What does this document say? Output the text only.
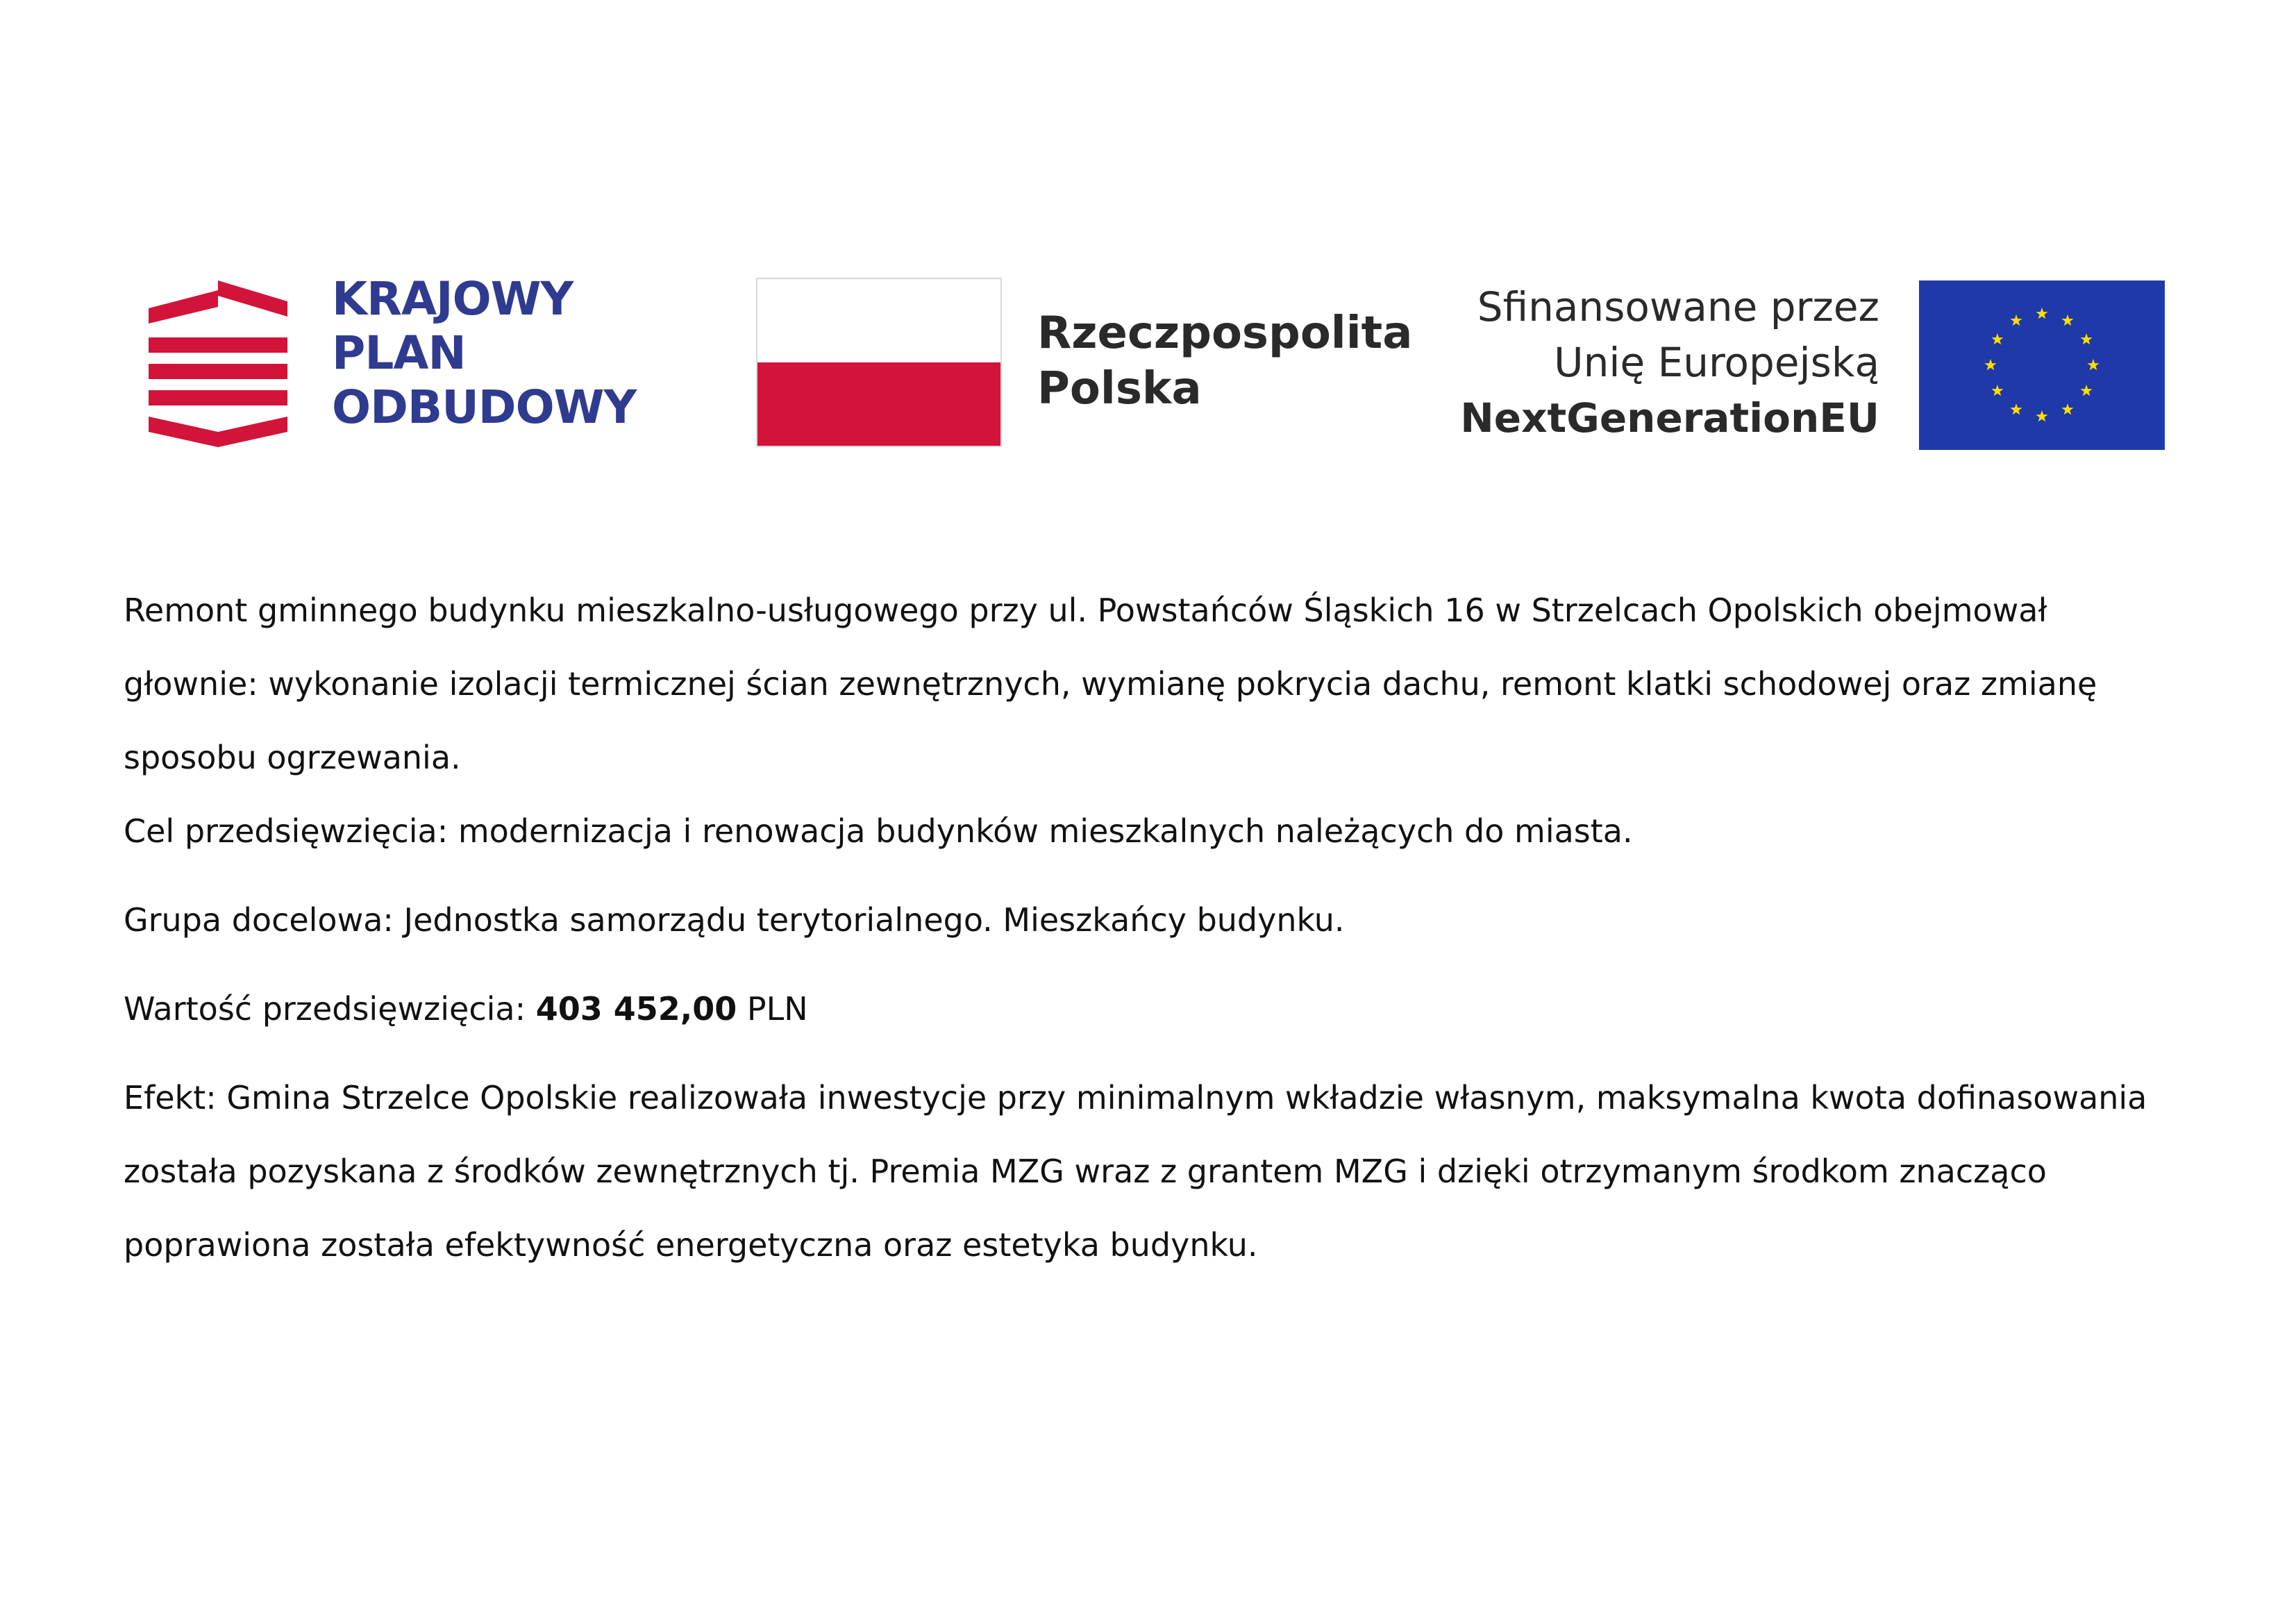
KRAJOWY
PLAN
ODBUDOWY
Rzeczpospolita
Polska
Sfinansowane przez
Unię Europejską
NextGenerationEU

Remont gminnego budynku mieszkalno-usługowego przy ul. Powstańców Śląskich 16 w Strzelcach Opolskich obejmował głownie: wykonanie izolacji termicznej ścian zewnętrznych, wymianę pokrycia dachu, remont klatki schodowej oraz zmianę sposobu ogrzewania.

Cel przedsięwzięcia: modernizacja i renowacja budynków mieszkalnych należących do miasta.

Grupa docelowa: Jednostka samorządu terytorialnego. Mieszkańcy budynku.

Wartość przedsięwzięcia: 403 452,00 PLN

Efekt: Gmina Strzelce Opolskie realizowała inwestycje przy minimalnym wkładzie własnym, maksymalna kwota dofinasowania została pozyskana z środków zewnętrznych tj. Premia MZG wraz z grantem MZG i dzięki otrzymanym środkom znacząco poprawiona została efektywność energetyczna oraz estetyka budynku.
